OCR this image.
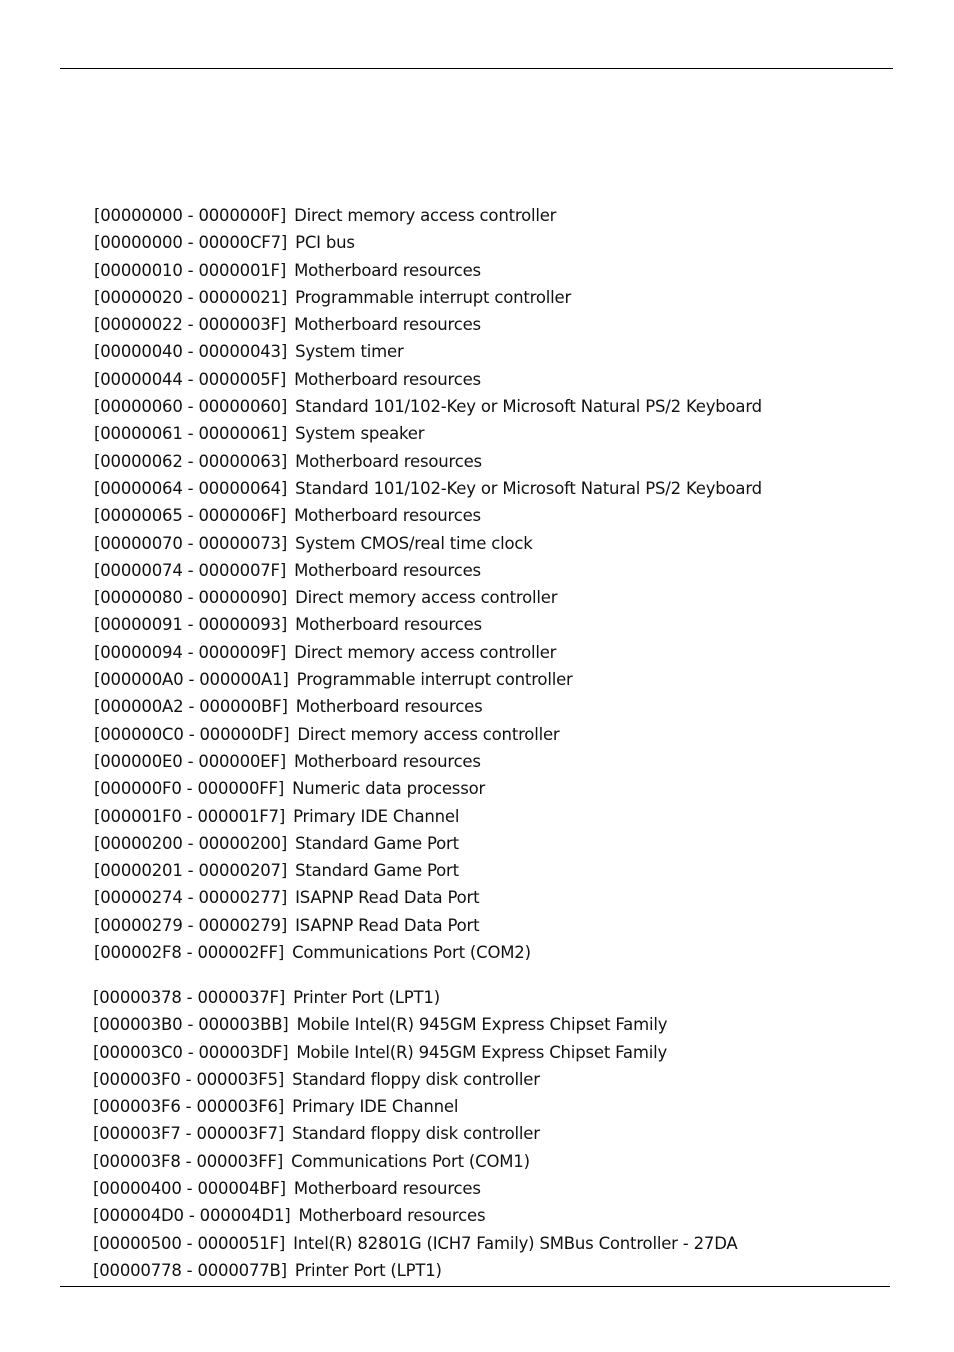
[00000000 - 0000000F] Direct memory access controller
[00000000 - 00000CF7] PCI bus
[00000010 - 0000001F] Motherboard resources
[00000020 - 00000021] Programmable interrupt controller
[00000022 - 0000003F] Motherboard resources
[00000040 - 00000043] System timer
[00000044 - 0000005F] Motherboard resources
[00000060 - 00000060] Standard 101/102-Key or Microsoft Natural PS/2 Keyboard
[00000061 - 00000061] System speaker
[00000062 - 00000063] Motherboard resources
[00000064 - 00000064] Standard 101/102-Key or Microsoft Natural PS/2 Keyboard
[00000065 - 0000006F] Motherboard resources
[00000070 - 00000073] System CMOS/real time clock
[00000074 - 0000007F] Motherboard resources
[00000080 - 00000090] Direct memory access controller
[00000091 - 00000093] Motherboard resources
[00000094 - 0000009F] Direct memory access controller
[000000A0 - 000000A1] Programmable interrupt controller
[000000A2 - 000000BF] Motherboard resources
[000000C0 - 000000DF] Direct memory access controller
[000000E0 - 000000EF] Motherboard resources
[000000F0 - 000000FF] Numeric data processor
[000001F0 - 000001F7] Primary IDE Channel
[00000200 - 00000200] Standard Game Port
[00000201 - 00000207] Standard Game Port
[00000274 - 00000277] ISAPNP Read Data Port
[00000279 - 00000279] ISAPNP Read Data Port
[000002F8 - 000002FF] Communications Port (COM2)
[00000378 - 0000037F] Printer Port (LPT1)
[000003B0 - 000003BB] Mobile Intel(R) 945GM Express Chipset Family
[000003C0 - 000003DF] Mobile Intel(R) 945GM Express Chipset Family
[000003F0 - 000003F5] Standard floppy disk controller
[000003F6 - 000003F6] Primary IDE Channel
[000003F7 - 000003F7] Standard floppy disk controller
[000003F8 - 000003FF] Communications Port (COM1)
[00000400 - 000004BF] Motherboard resources
[000004D0 - 000004D1] Motherboard resources
[00000500 - 0000051F] Intel(R) 82801G (ICH7 Family) SMBus Controller - 27DA
[00000778 - 0000077B] Printer Port (LPT1)
